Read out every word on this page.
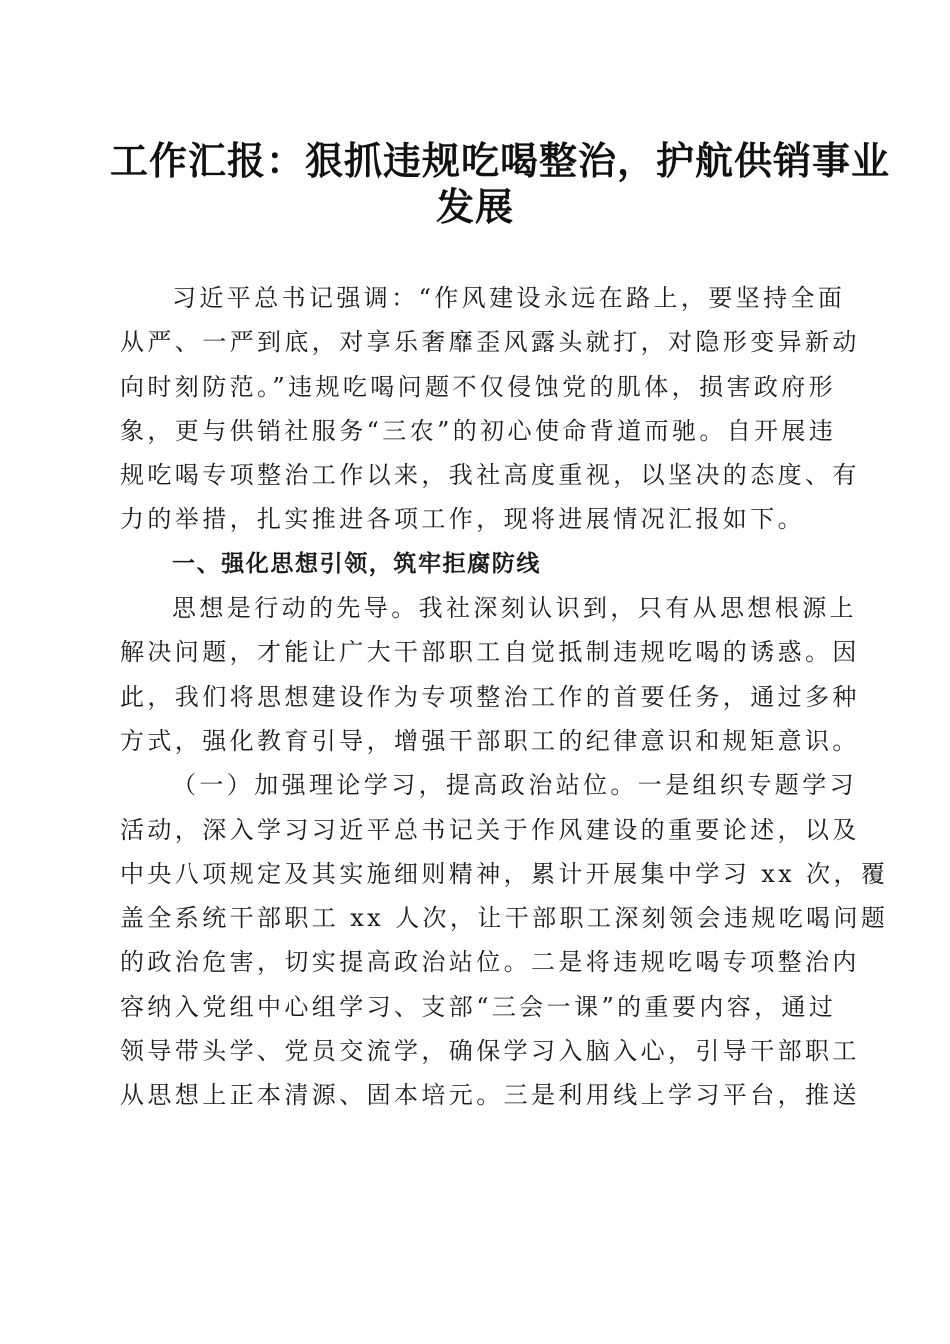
工作汇报：狠抓违规吃喝整治，护航供销事业
发展
习近平总书记强调：“作风建设永远在路上，要坚持全面
从严、一严到底，对享乐奢靡歪风露头就打，对隐形变异新动
向时刻防范。”违规吃喝问题不仅侵蚀党的肌体，损害政府形
象，更与供销社服务“三农”的初心使命背道而驰。自开展违
规吃喝专项整治工作以来，我社高度重视，以坚决的态度、有
力的举措，扎实推进各项工作，现将进展情况汇报如下。
一、强化思想引领，筑牢拒腐防线
思想是行动的先导。我社深刻认识到，只有从思想根源上
解决问题，才能让广大干部职工自觉抵制违规吃喝的诱惑。因
此，我们将思想建设作为专项整治工作的首要任务，通过多种
方式，强化教育引导，增强干部职工的纪律意识和规矩意识。
（一）加强理论学习，提高政治站位。一是组织专题学习
活动，深入学习习近平总书记关于作风建设的重要论述，以及
中央八项规定及其实施细则精神，累计开展集中学习 xx 次，覆
盖全系统干部职工 xx 人次，让干部职工深刻领会违规吃喝问题
的政治危害，切实提高政治站位。二是将违规吃喝专项整治内
容纳入党组中心组学习、支部“三会一课”的重要内容，通过
领导带头学、党员交流学，确保学习入脑入心，引导干部职工
从思想上正本清源、固本培元。三是利用线上学习平台，推送
